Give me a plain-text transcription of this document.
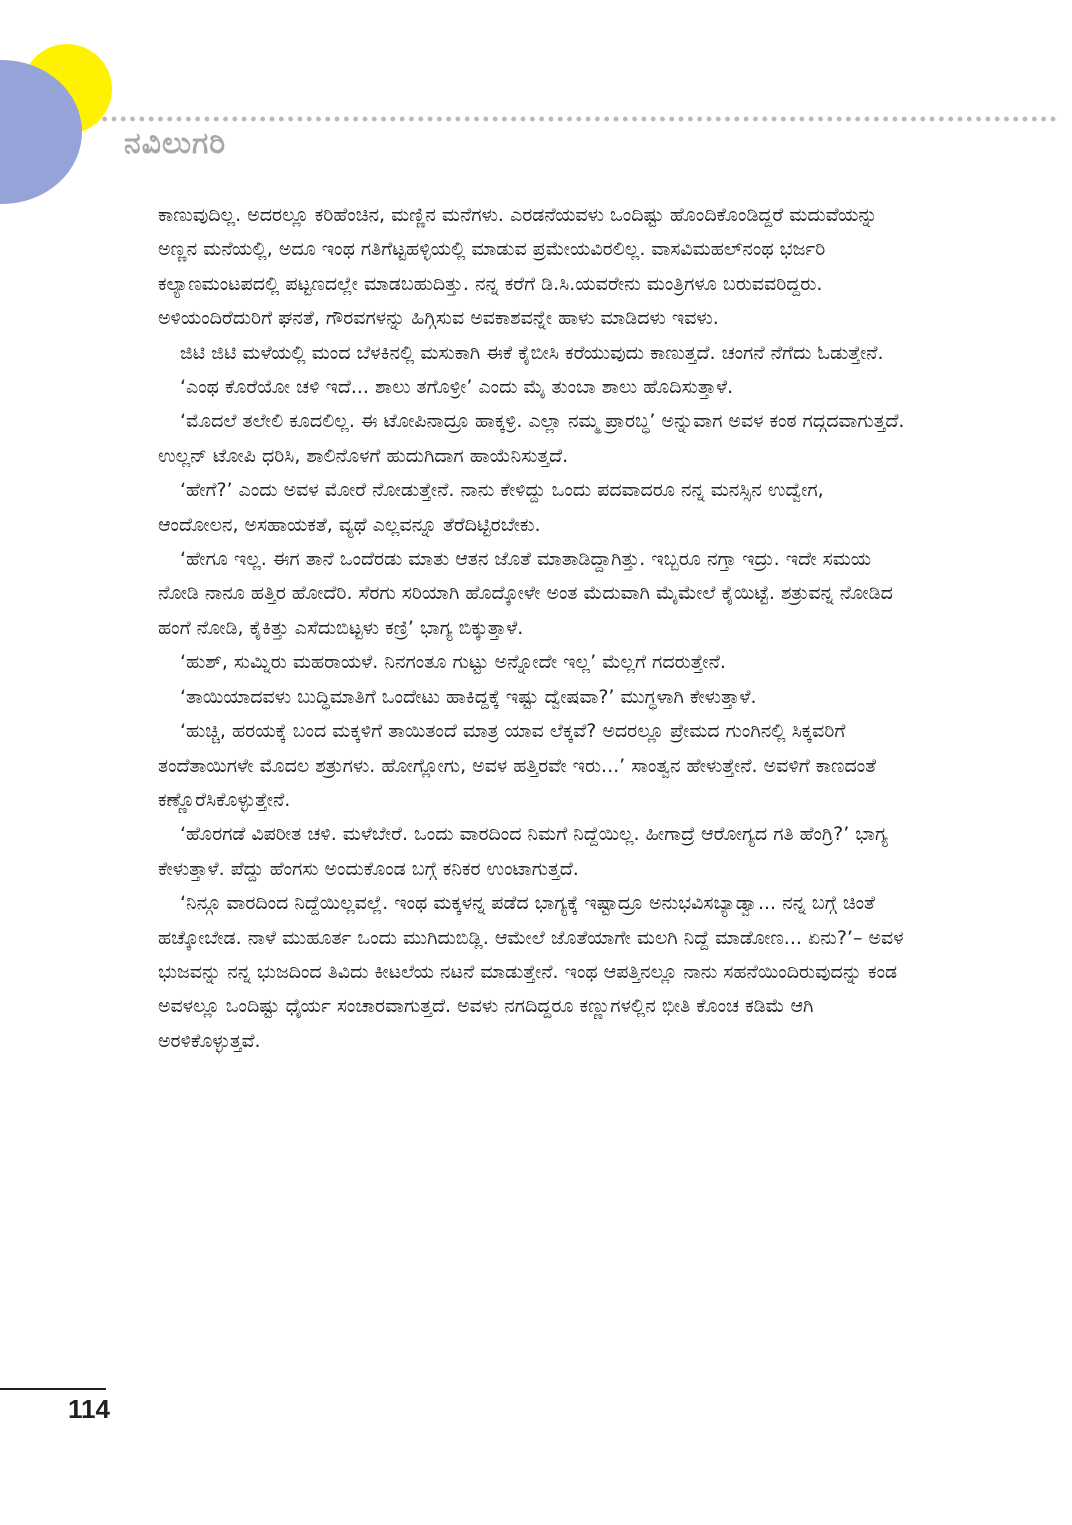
ನವಿಲುಗರಿ

ಕಾಣುವುದಿಲ್ಲ. ಅದರಲ್ಲೂ ಕರಿಹೆಂಚಿನ, ಮಣ್ಣಿನ ಮನೆಗಳು. ಎರಡನೆಯವಳು ಒಂದಿಷ್ಟು ಹೊಂದಿಕೊಂಡಿದ್ದರೆ ಮದುವೆಯನ್ನು ಅಣ್ಣನ ಮನೆಯಲ್ಲಿ, ಅದೂ ಇಂಥ ಗತಿಗೆಟ್ಟಹಳ್ಳಿಯಲ್ಲಿ ಮಾಡುವ ಪ್ರಮೇಯವಿರಲಿಲ್ಲ. ವಾಸವಿಮಹಲ್‌ನಂಥ ಭರ್ಜರಿ ಕಲ್ಯಾಣಮಂಟಪದಲ್ಲಿ ಪಟ್ಟಣದಲ್ಲೇ ಮಾಡಬಹುದಿತ್ತು. ನನ್ನ ಕರೆಗೆ ಡಿ.ಸಿ.ಯವರೇನು ಮಂತ್ರಿಗಳೂ ಬರುವವರಿದ್ದರು. ಅಳಿಯಂದಿರೆದುರಿಗೆ ಘನತೆ, ಗೌರವಗಳನ್ನು ಹಿಗ್ಗಿಸುವ ಅವಕಾಶವನ್ನೇ ಹಾಳು ಮಾಡಿದಳು ಇವಳು.

ಜಿಟಿ ಜಿಟಿ ಮಳೆಯಲ್ಲಿ ಮಂದ ಬೆಳಕಿನಲ್ಲಿ ಮಸುಕಾಗಿ ಈಕೆ ಕೈಬೀಸಿ ಕರೆಯುವುದು ಕಾಣುತ್ತದೆ. ಚಂಗನೆ ನೆಗೆದು ಓಡುತ್ತೇನೆ.

‘ಎಂಥ ಕೊರೆಯೋ ಚಳಿ ಇದೆ... ಶಾಲು ತಗೊಳ್ರೀ’ ಎಂದು ಮೈ ತುಂಬಾ ಶಾಲು ಹೊದಿಸುತ್ತಾಳೆ.

‘ಮೊದಲೆ ತಲೇಲಿ ಕೂದಲಿಲ್ಲ. ಈ ಟೋಪಿನಾದ್ರೂ ಹಾಕ್ಕಳ್ರಿ. ಎಲ್ಲಾ ನಮ್ಮ ಪ್ರಾರಬ್ಧ’ ಅನ್ನುವಾಗ ಅವಳ ಕಂಠ ಗದ್ಗದವಾಗುತ್ತದೆ. ಉಲ್ಲನ್ ಟೋಪಿ ಧರಿಸಿ, ಶಾಲಿನೊಳಗೆ ಹುದುಗಿದಾಗ ಹಾಯೆನಿಸುತ್ತದೆ.

‘ಹೇಗೆ?’ ಎಂದು ಅವಳ ಮೋರೆ ನೋಡುತ್ತೇನೆ. ನಾನು ಕೇಳಿದ್ದು ಒಂದು ಪದವಾದರೂ ನನ್ನ ಮನಸ್ಸಿನ ಉದ್ವೇಗ, ಆಂದೋಲನ, ಅಸಹಾಯಕತೆ, ವ್ಯಥೆ ಎಲ್ಲವನ್ನೂ ತೆರೆದಿಟ್ಟಿರಬೇಕು.

‘ಹೇಗೂ ಇಲ್ಲ. ಈಗ ತಾನೆ ಒಂದೆರಡು ಮಾತು ಆತನ ಜೊತೆ ಮಾತಾಡಿದ್ದಾಗಿತ್ತು. ಇಬ್ಬರೂ ನಗ್ತಾ ಇದ್ರು. ಇದೇ ಸಮಯ ನೋಡಿ ನಾನೂ ಹತ್ತಿರ ಹೋದೆರಿ. ಸೆರಗು ಸರಿಯಾಗಿ ಹೊದ್ಕೋಳೇ ಅಂತ ಮೆದುವಾಗಿ ಮೈಮೇಲೆ ಕೈಯಿಟ್ಟೆ. ಶತ್ರುವನ್ನ ನೋಡಿದ ಹಂಗೆ ನೋಡಿ, ಕೈಕಿತ್ತು ಎಸೆದುಬಿಟ್ಟಳು ಕಣ್ರಿ’ ಭಾಗ್ಯ ಬಿಕ್ಕುತ್ತಾಳೆ.

‘ಹುಶ್, ಸುಮ್ನಿರು ಮಹರಾಯಳೆ. ನಿನಗಂತೂ ಗುಟ್ಟು ಅನ್ನೋದೇ ಇಲ್ಲ’ ಮೆಲ್ಲಗೆ ಗದರುತ್ತೇನೆ.

‘ತಾಯಿಯಾದವಳು ಬುದ್ಧಿಮಾತಿಗೆ ಒಂದೇಟು ಹಾಕಿದ್ದಕ್ಕೆ ಇಷ್ಟು ದ್ವೇಷವಾ?’ ಮುಗ್ಧಳಾಗಿ ಕೇಳುತ್ತಾಳೆ.

‘ಹುಚ್ಚಿ, ಹರಯಕ್ಕೆ ಬಂದ ಮಕ್ಕಳಿಗೆ ತಾಯಿತಂದೆ ಮಾತ್ರ ಯಾವ ಲೆಕ್ಕವೆ? ಅದರಲ್ಲೂ ಪ್ರೇಮದ ಗುಂಗಿನಲ್ಲಿ ಸಿಕ್ಕವರಿಗೆ ತಂದೆತಾಯಿಗಳೇ ಮೊದಲ ಶತ್ರುಗಳು. ಹೋಗ್ಲೋಗು, ಅವಳ ಹತ್ತಿರವೇ ಇರು...’ ಸಾಂತ್ವನ ಹೇಳುತ್ತೇನೆ. ಅವಳಿಗೆ ಕಾಣದಂತೆ ಕಣ್ಣೊರೆಸಿಕೊಳ್ಳುತ್ತೇನೆ.

‘ಹೊರಗಡೆ ವಿಪರೀತ ಚಳಿ. ಮಳೆಬೇರೆ. ಒಂದು ವಾರದಿಂದ ನಿಮಗೆ ನಿದ್ದೆಯಿಲ್ಲ. ಹೀಗಾದ್ರೆ ಆರೋಗ್ಯದ ಗತಿ ಹೆಂಗ್ರಿ?’ ಭಾಗ್ಯ ಕೇಳುತ್ತಾಳೆ. ಪೆದ್ದು ಹೆಂಗಸು ಅಂದುಕೊಂಡ ಬಗ್ಗೆ ಕನಿಕರ ಉಂಟಾಗುತ್ತದೆ.

‘ನಿನ್ಗೂ ವಾರದಿಂದ ನಿದ್ದೆಯಿಲ್ಲವಲ್ಲೆ. ಇಂಥ ಮಕ್ಕಳನ್ನ ಪಡೆದ ಭಾಗ್ಯಕ್ಕೆ ಇಷ್ಟಾದ್ರೂ ಅನುಭವಿಸಬ್ಯಾಡ್ವಾ... ನನ್ನ ಬಗ್ಗೆ ಚಿಂತೆ ಹಚ್ಕೋಬೇಡ. ನಾಳೆ ಮುಹೂರ್ತ ಒಂದು ಮುಗಿದುಬಿಡ್ಲಿ. ಆಮೇಲೆ ಜೊತೆಯಾಗೇ ಮಲಗಿ ನಿದ್ದೆ ಮಾಡೋಣ... ಏನು?’– ಅವಳ ಭುಜವನ್ನು ನನ್ನ ಭುಜದಿಂದ ತಿವಿದು ಕೀಟಲೆಯ ನಟನೆ ಮಾಡುತ್ತೇನೆ. ಇಂಥ ಆಪತ್ತಿನಲ್ಲೂ ನಾನು ಸಹನೆಯಿಂದಿರುವುದನ್ನು ಕಂಡ ಅವಳಲ್ಲೂ ಒಂದಿಷ್ಟು ಧೈರ್ಯ ಸಂಚಾರವಾಗುತ್ತದೆ. ಅವಳು ನಗದಿದ್ದರೂ ಕಣ್ಣುಗಳಲ್ಲಿನ ಭೀತಿ ಕೊಂಚ ಕಡಿಮೆ ಆಗಿ ಅರಳಿಕೊಳ್ಳುತ್ತವೆ.

114
